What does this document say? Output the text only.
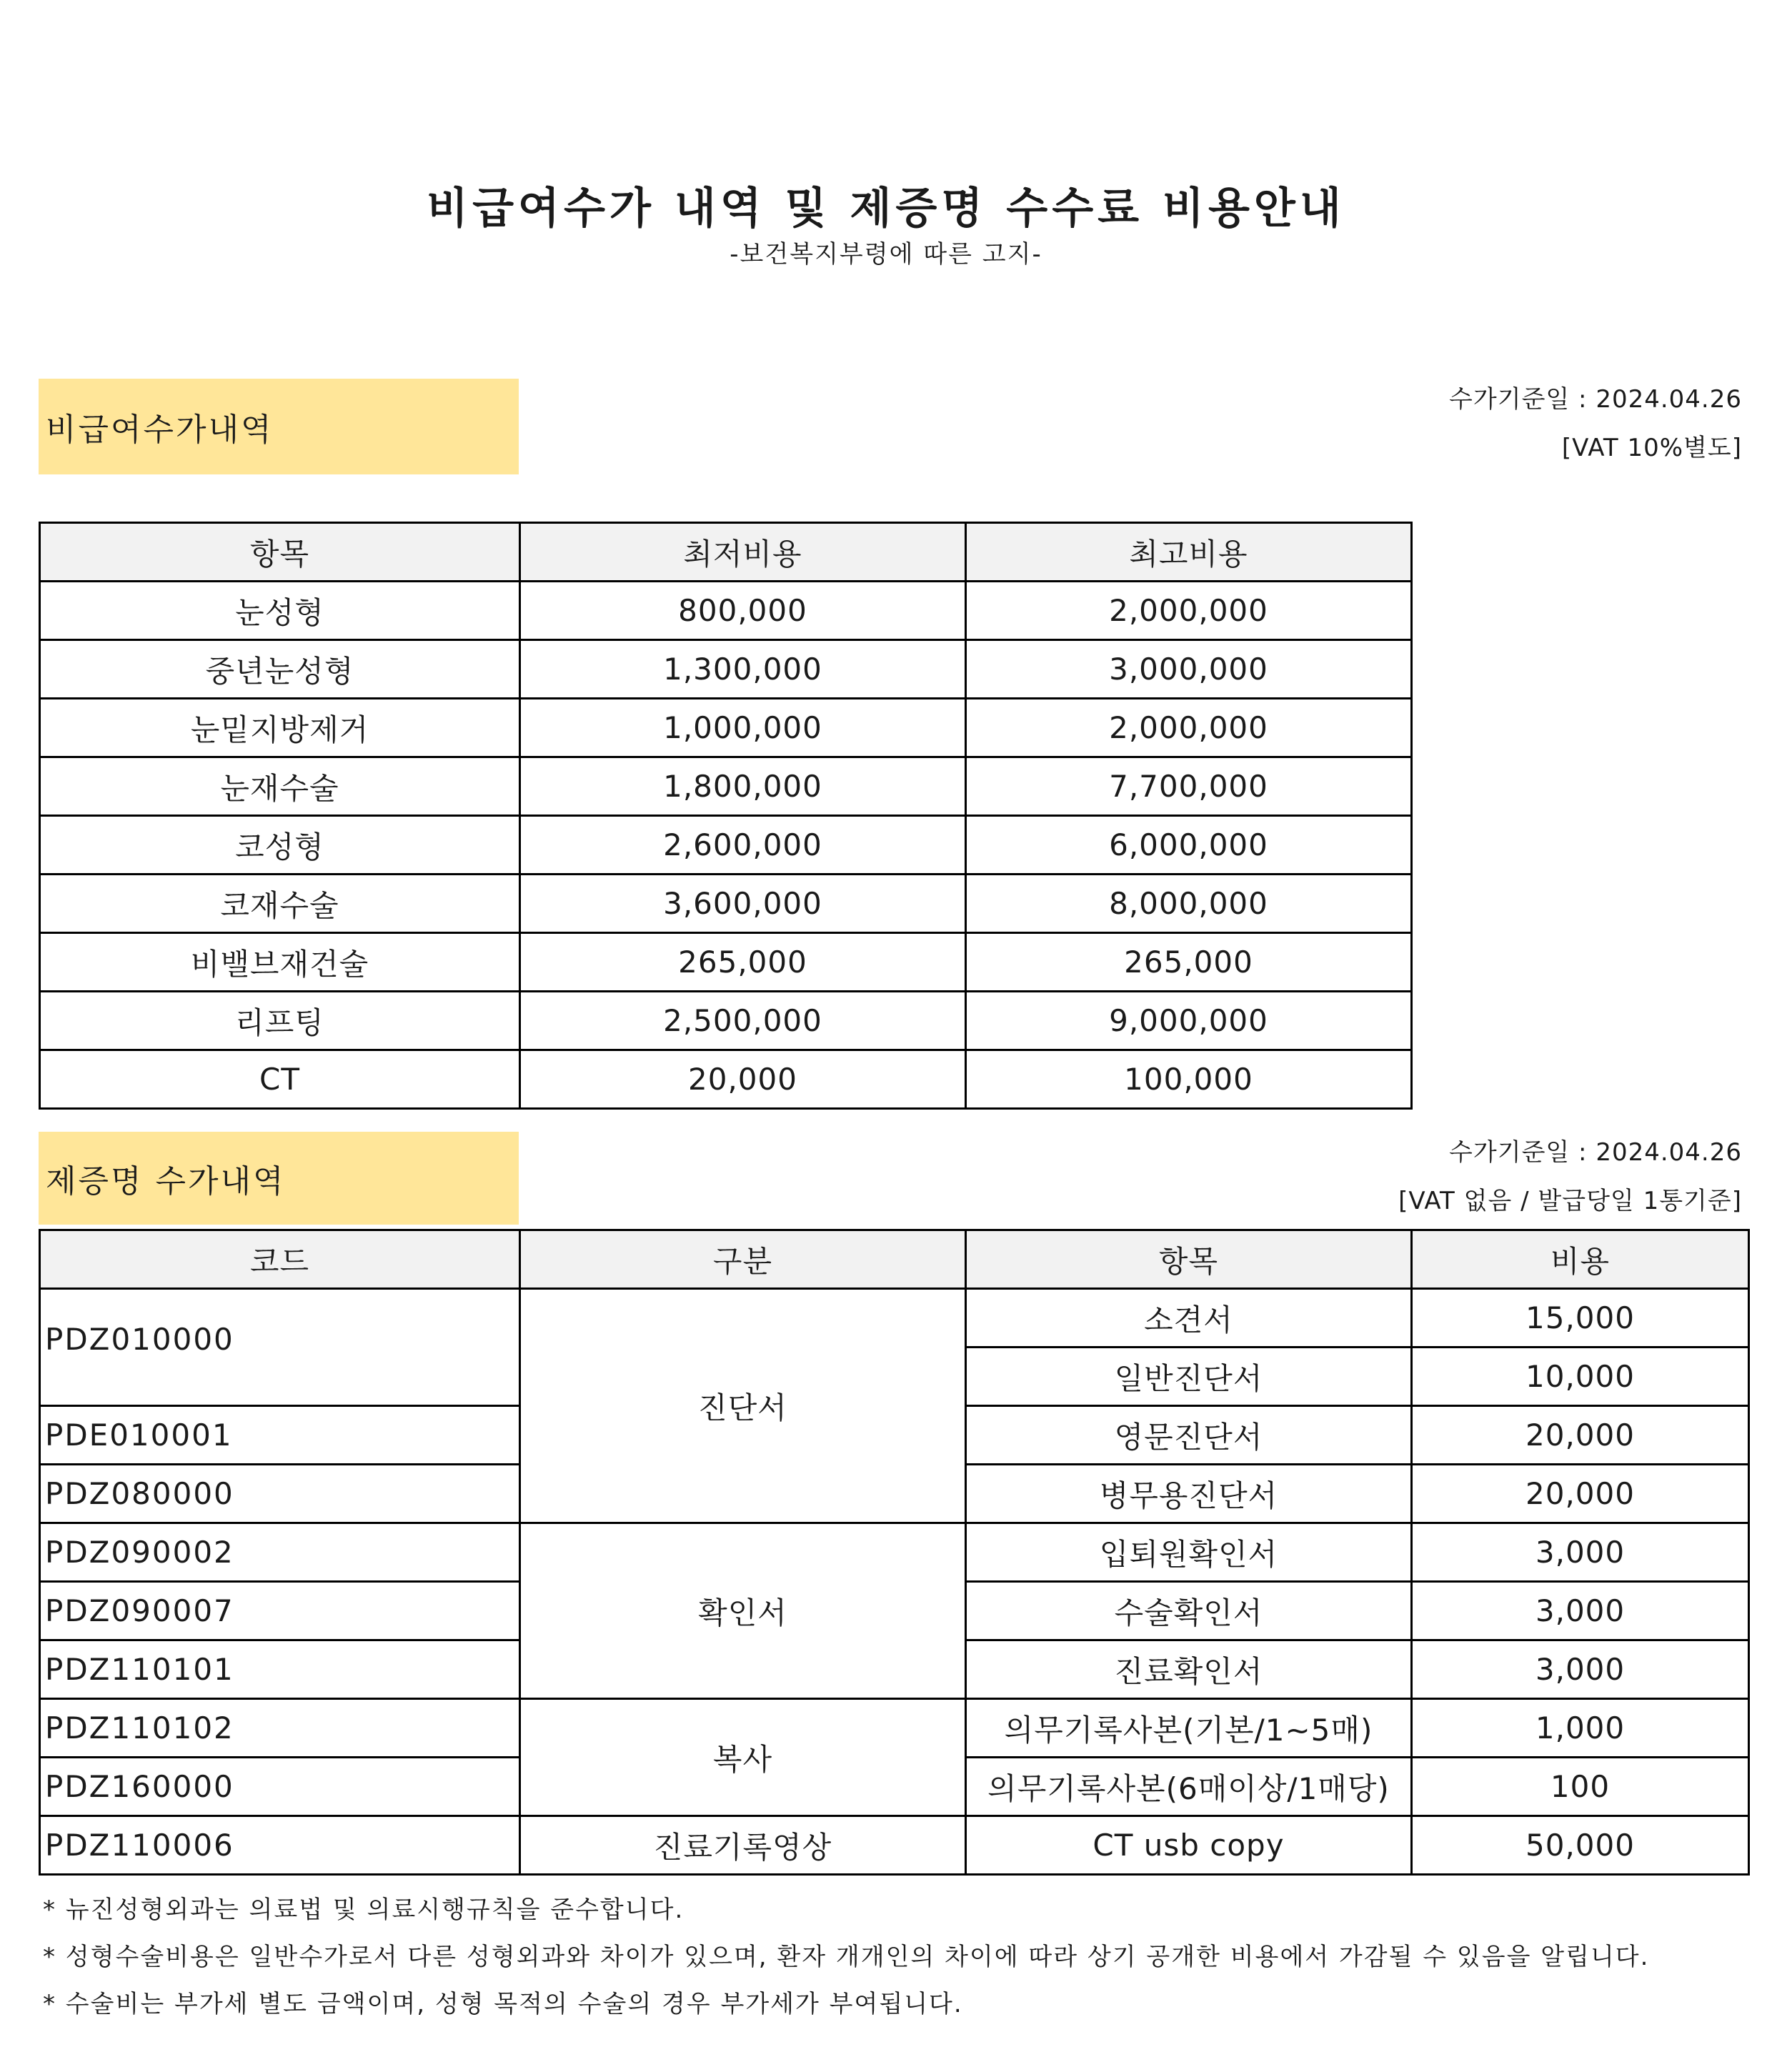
비급여수가 내역 및 제증명 수수료 비용안내
-보건복지부령에 따른 고지-
비급여수가내역
수가기준일 : 2024.04.26
[VAT 10%별도]
항목	최저비용	최고비용
눈성형	800,000	2,000,000
중년눈성형	1,300,000	3,000,000
눈밑지방제거	1,000,000	2,000,000
눈재수술	1,800,000	7,700,000
코성형	2,600,000	6,000,000
코재수술	3,600,000	8,000,000
비밸브재건술	265,000	265,000
리프팅	2,500,000	9,000,000
CT	20,000	100,000
제증명 수가내역
수가기준일 : 2024.04.26
[VAT 없음 / 발급당일 1통기준]
코드	구분	항목	비용
PDZ010000	진단서	소견서	15,000
		일반진단서	10,000
PDE010001		영문진단서	20,000
PDZ080000		병무용진단서	20,000
PDZ090002	확인서	입퇴원확인서	3,000
PDZ090007		수술확인서	3,000
PDZ110101		진료확인서	3,000
PDZ110102	복사	의무기록사본(기본/1~5매)	1,000
PDZ160000		의무기록사본(6매이상/1매당)	100
PDZ110006	진료기록영상	CT usb copy	50,000
* 뉴진성형외과는 의료법 및 의료시행규칙을 준수합니다.
* 성형수술비용은 일반수가로서 다른 성형외과와 차이가 있으며, 환자 개개인의 차이에 따라 상기 공개한 비용에서 가감될 수 있음을 알립니다.
* 수술비는 부가세 별도 금액이며, 성형 목적의 수술의 경우 부가세가 부여됩니다.
